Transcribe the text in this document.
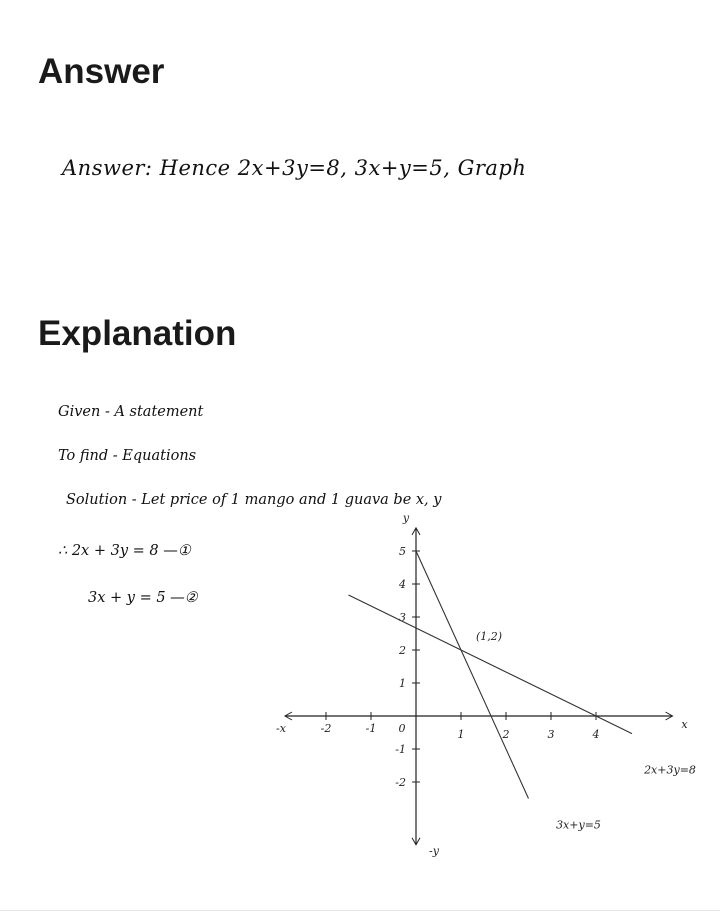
Answer
Answer: Hence 2x+3y=8, 3x+y=5, Graph
Explanation
Given - A statement
To find - Equations
Solution - Let price of 1 mango and 1 guava be x, y
∴ 2x + 3y = 8 —①
3x + y = 5 —②
-x	-2	-1 0	1	2	3	4
5
4
3
2
1
-1
-2
x
y
-y
2x+3y=8
3x+y=5
(1,2)
